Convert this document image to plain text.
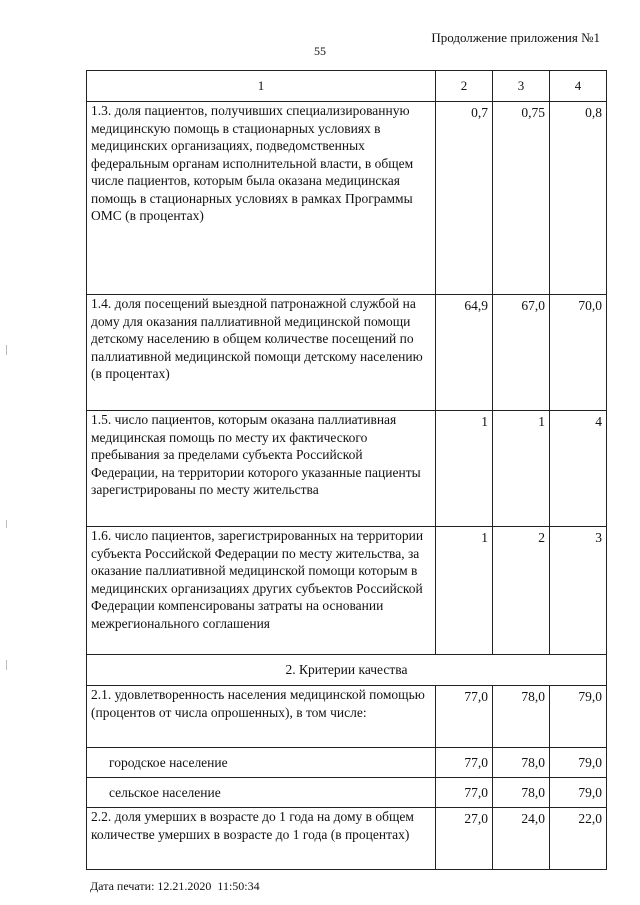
Продолжение приложения №1
55
1	2	3	4
1.3. доля пациентов, получивших специализированную медицинскую помощь в стационарных условиях в медицинских организациях, подведомственных федеральным органам исполнительной власти, в общем числе пациентов, которым была оказана медицинская помощь в стационарных условиях в рамках Программы ОМС (в процентах)	0,7	0,75	0,8
1.4. доля посещений выездной патронажной службой на дому для оказания паллиативной медицинской помощи детскому населению в общем количестве посещений по паллиативной медицинской помощи детскому населению (в процентах)	64,9	67,0	70,0
1.5. число пациентов, которым оказана паллиативная медицинская помощь по месту их фактического пребывания за пределами субъекта Российской Федерации, на территории которого указанные пациенты зарегистрированы по месту жительства	1	1	4
1.6. число пациентов, зарегистрированных на территории субъекта Российской Федерации по месту жительства, за оказание паллиативной медицинской помощи которым в медицинских организациях других субъектов Российской Федерации компенсированы затраты на основании межрегионального соглашения	1	2	3
2. Критерии качества			
2.1. удовлетворенность населения медицинской помощью (процентов от числа опрошенных), в том числе:	77,0	78,0	79,0
городское население	77,0	78,0	79,0
сельское население	77,0	78,0	79,0
2.2. доля умерших в возрасте до 1 года на дому в общем количестве умерших в возрасте до 1 года (в процентах)	27,0	24,0	22,0
Дата печати: 12.21.2020  11:50:34
